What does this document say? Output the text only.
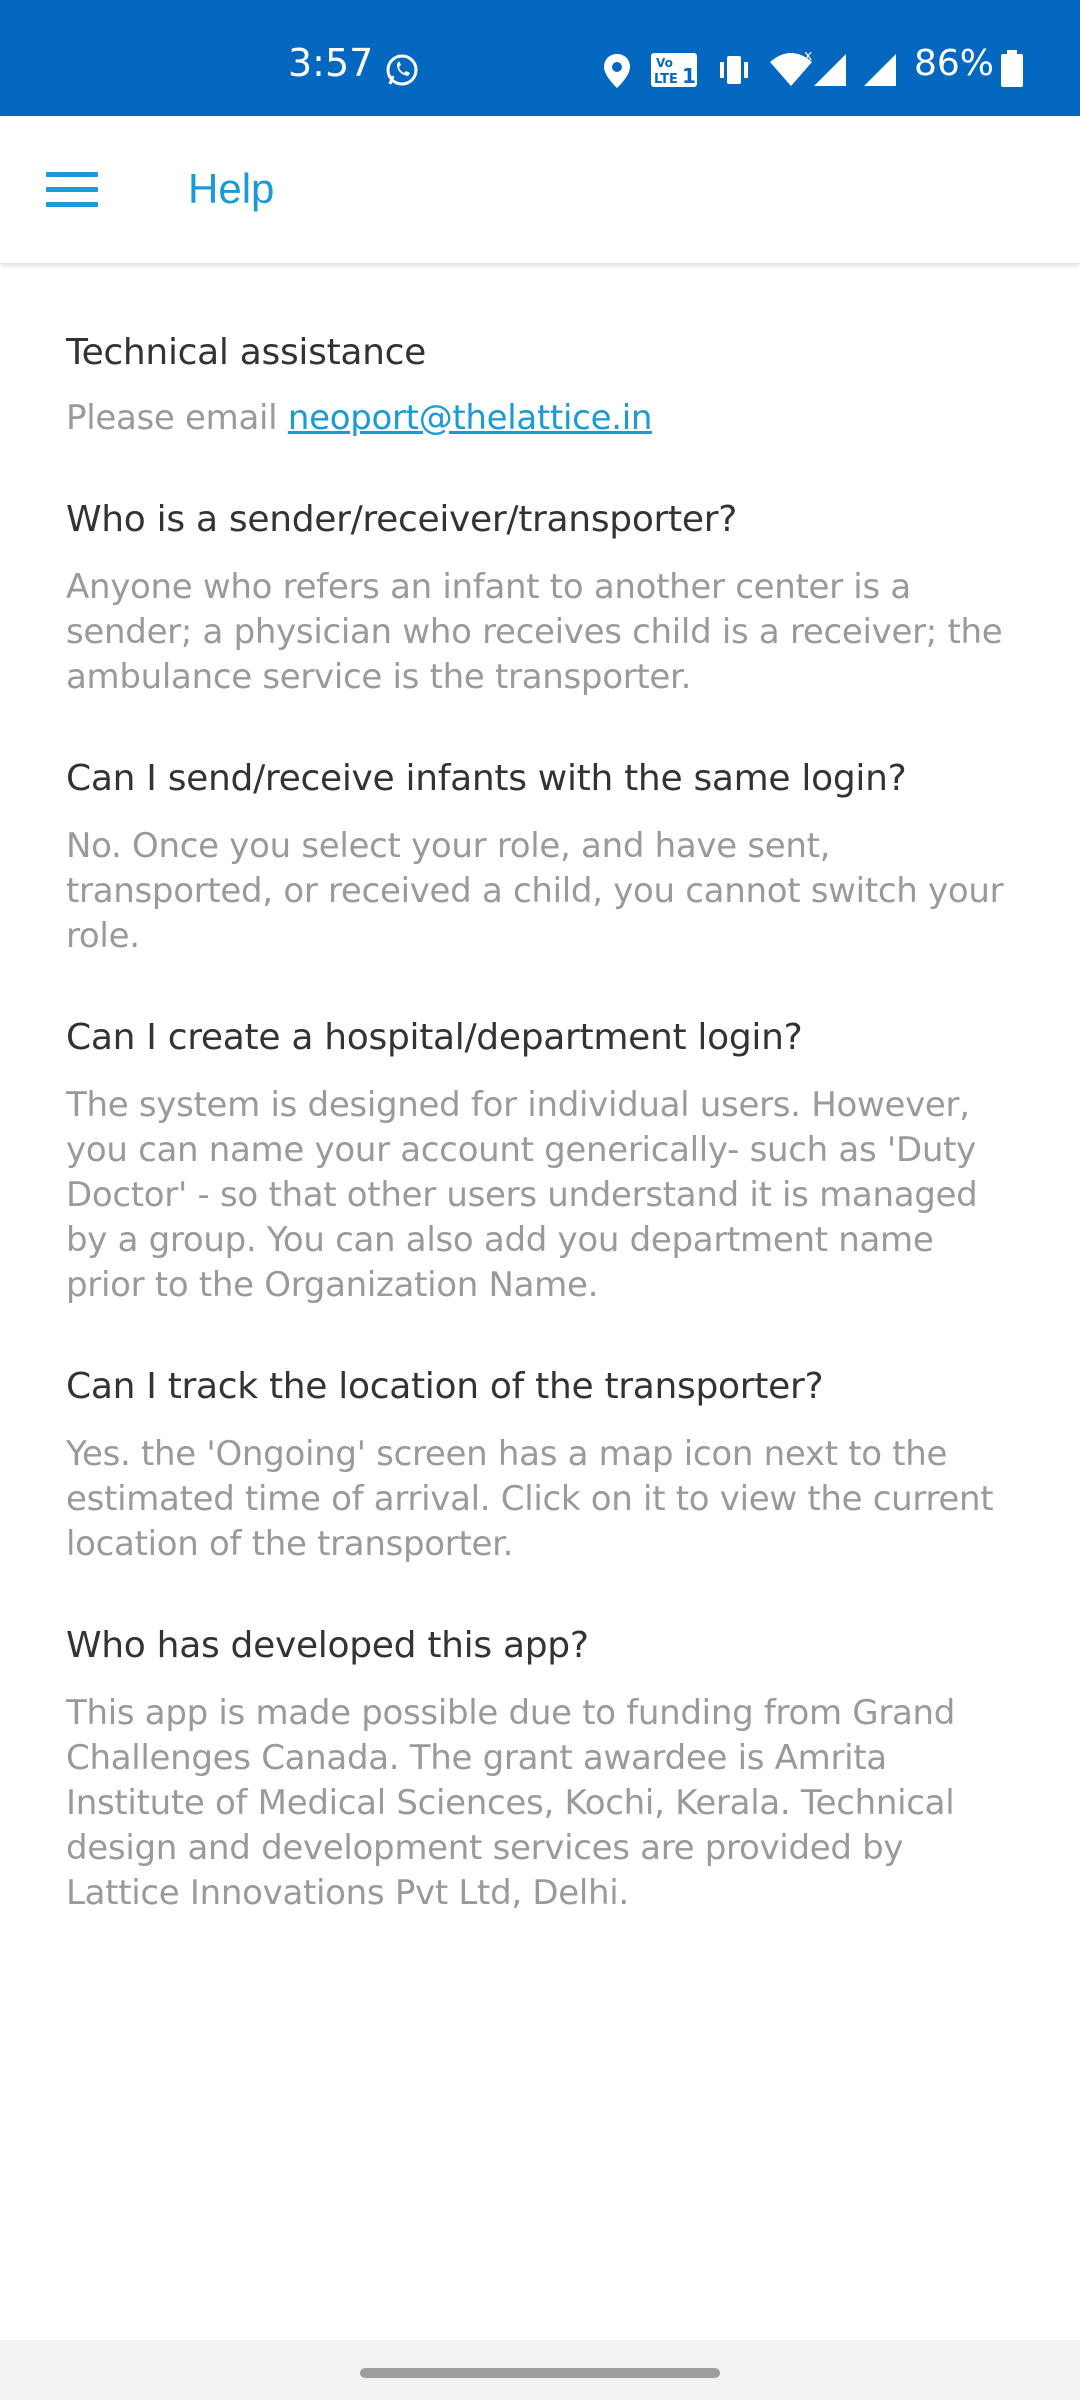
3:57	Vo
LTE 1
x	86%
Help
Technical assistance
Please email neoport@thelattice.in
Who is a sender/receiver/transporter?
Anyone who refers an infant to another center is a sender; a physician who receives child is a receiver; the ambulance service is the transporter.
Can I send/receive infants with the same login?
No. Once you select your role, and have sent, transported, or received a child, you cannot switch your role.
Can I create a hospital/department login?
The system is designed for individual users. However, you can name your account generically- such as 'Duty Doctor' - so that other users understand it is managed by a group. You can also add you department name prior to the Organization Name.
Can I track the location of the transporter?
Yes. the 'Ongoing' screen has a map icon next to the estimated time of arrival. Click on it to view the current location of the transporter.
Who has developed this app?
This app is made possible due to funding from Grand Challenges Canada. The grant awardee is Amrita Institute of Medical Sciences, Kochi, Kerala. Technical design and development services are provided by Lattice Innovations Pvt Ltd, Delhi.
